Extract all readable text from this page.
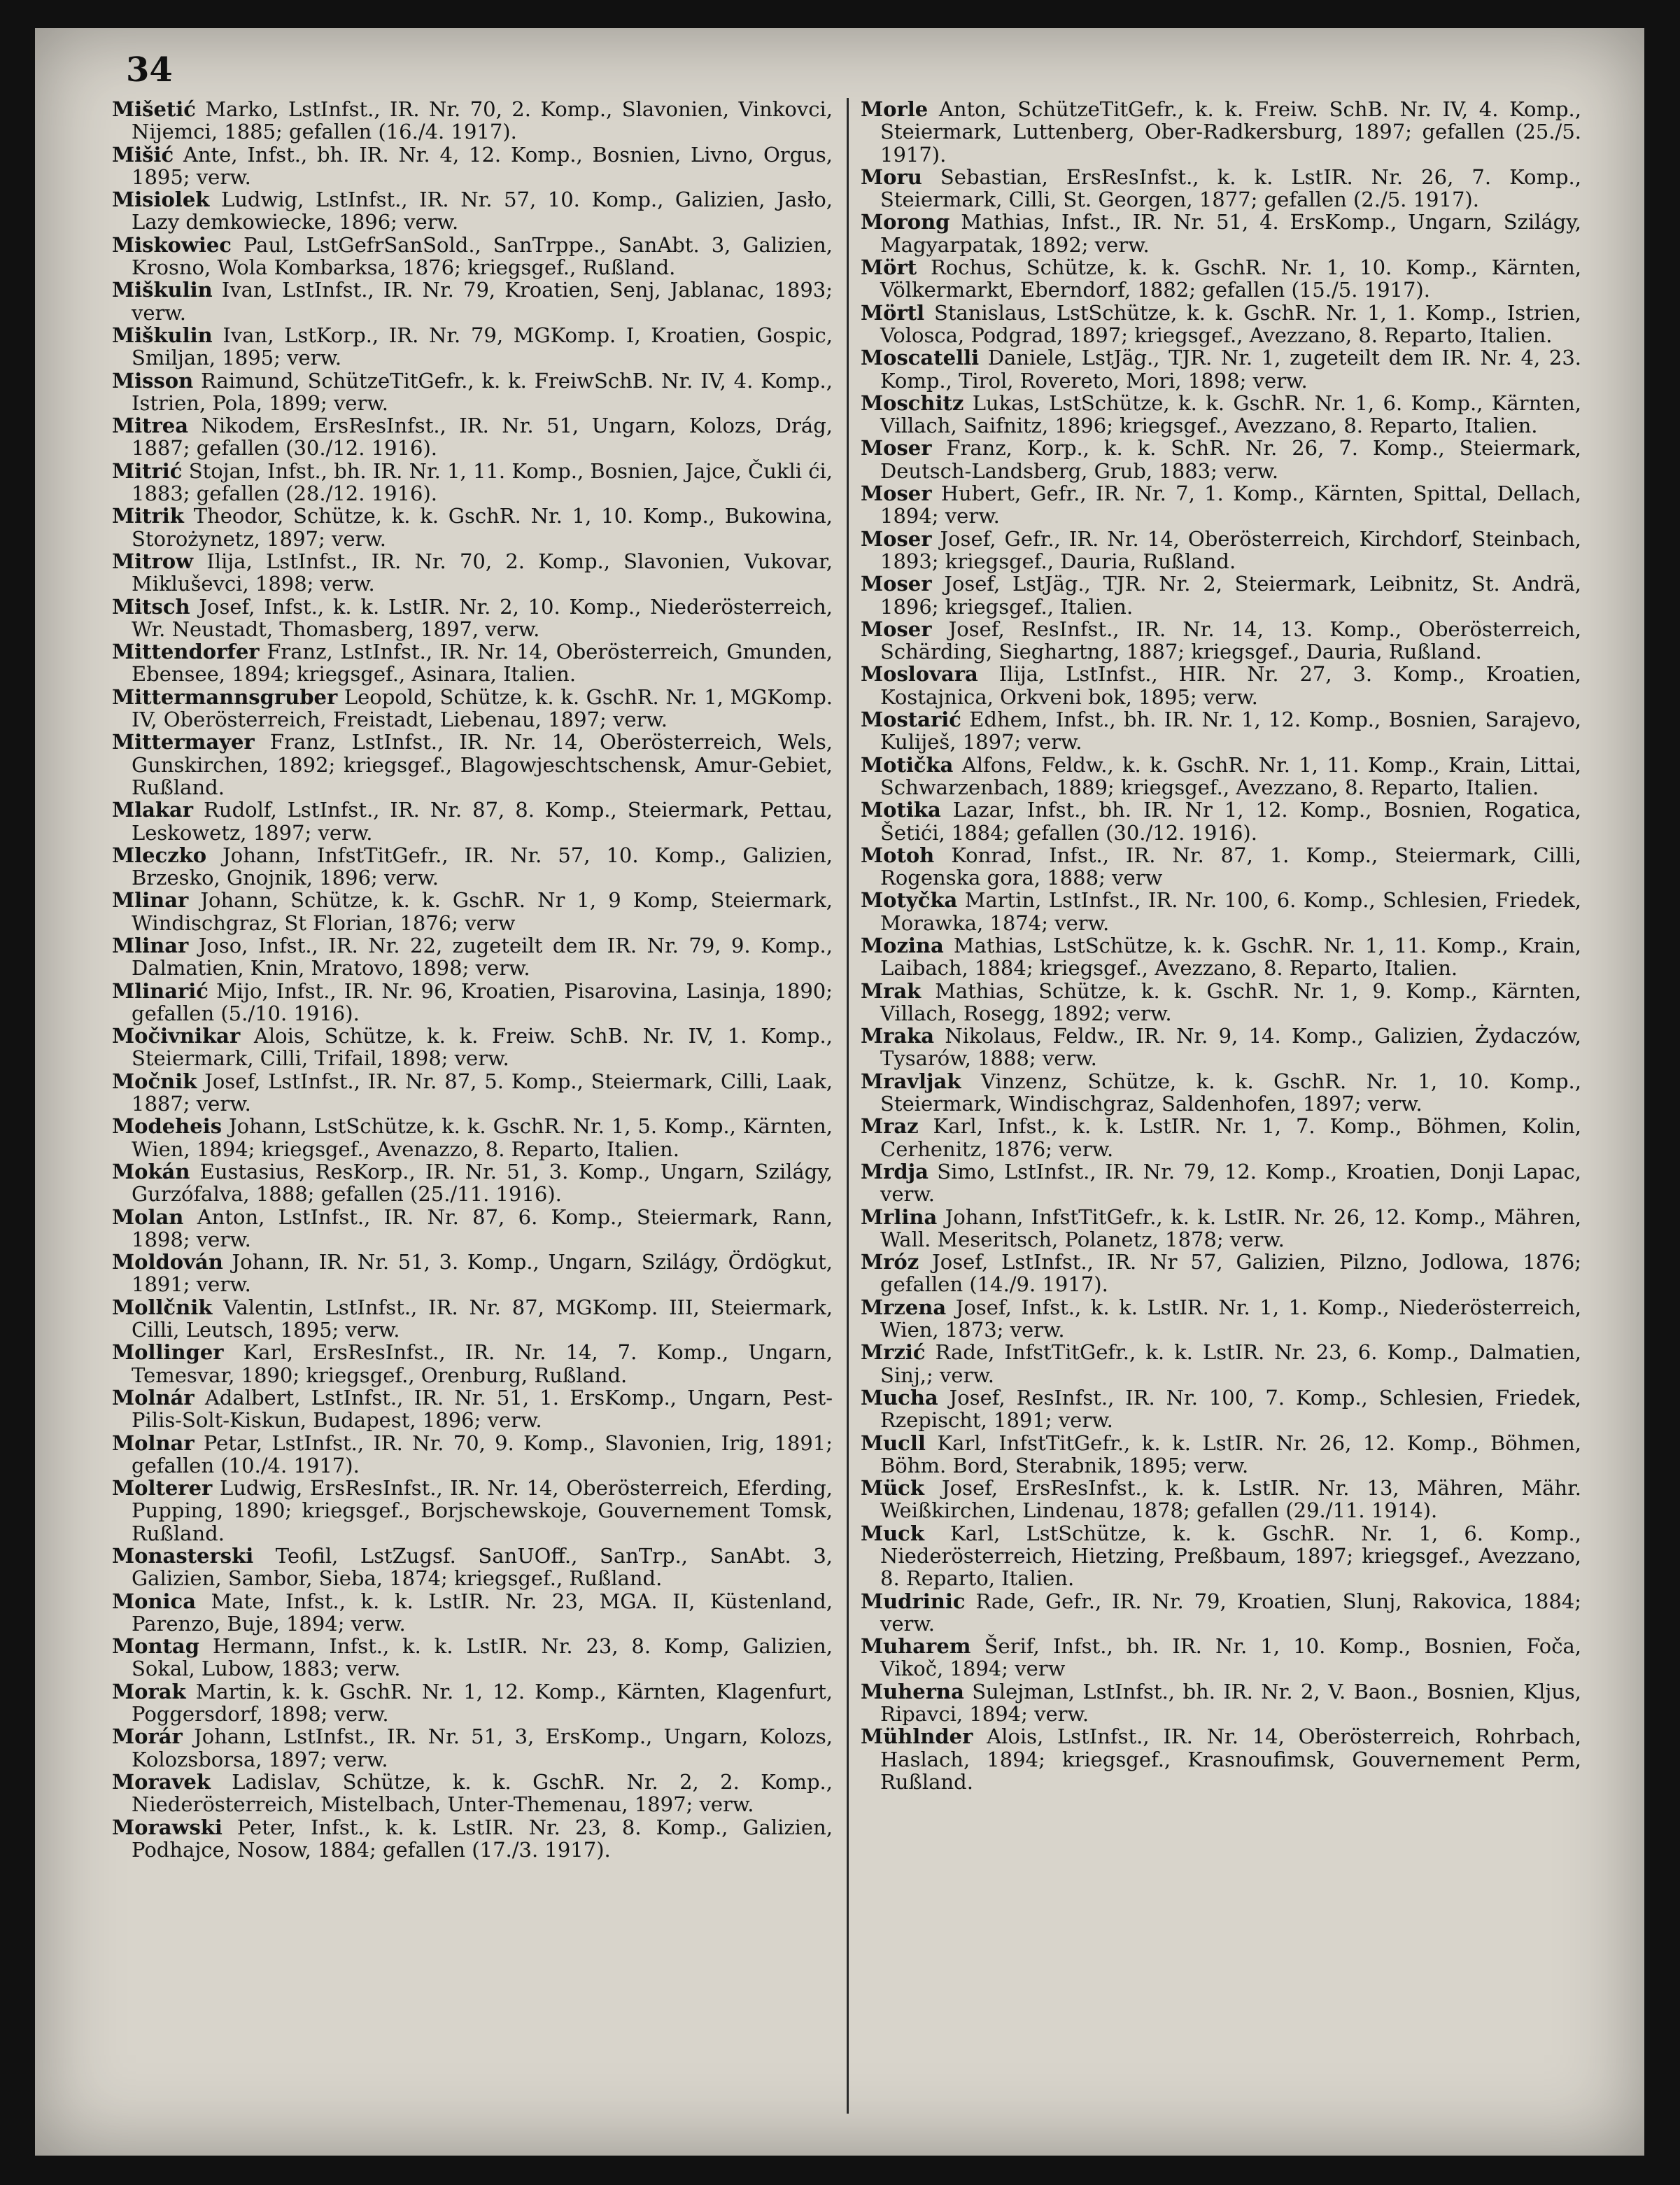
34

Mišetić Marko, LstInfst., IR. Nr. 70, 2. Komp., Slavonien, Vinkovci, Nijemci, 1885; gefallen (16./4. 1917).

Mišić Ante, Infst., bh. IR. Nr. 4, 12. Komp., Bosnien, Livno, Orgus, 1895; verw.

Misiolek Ludwig, LstInfst., IR. Nr. 57, 10. Komp., Galizien, Jasło, Lazy demkowiecke, 1896; verw.

Miskowiec Paul, LstGefrSanSold., SanTrppe., SanAbt. 3, Galizien, Krosno, Wola Kombarksa, 1876; kriegsgef., Rußland.

Miškulin Ivan, LstInfst., IR. Nr. 79, Kroatien, Senj, Jablanac, 1893; verw.

Miškulin Ivan, LstKorp., IR. Nr. 79, MGKomp. I, Kroatien, Gospic, Smiljan, 1895; verw.

Misson Raimund, SchützeTitGefr., k. k. FreiwSchB. Nr. IV, 4. Komp., Istrien, Pola, 1899; verw.

Mitrea Nikodem, ErsResInfst., IR. Nr. 51, Ungarn, Kolozs, Drág, 1887; gefallen (30./12. 1916).

Mitrić Stojan, Infst., bh. IR. Nr. 1, 11. Komp., Bosnien, Jajce, Čukli ći, 1883; gefallen (28./12. 1916).

Mitrik Theodor, Schütze, k. k. GschR. Nr. 1, 10. Komp., Bukowina, Storożynetz, 1897; verw.

Mitrow Ilija, LstInfst., IR. Nr. 70, 2. Komp., Slavonien, Vukovar, Mikluševci, 1898; verw.

Mitsch Josef, Infst., k. k. LstIR. Nr. 2, 10. Komp., Niederösterreich, Wr. Neustadt, Thomasberg, 1897, verw.

Mittendorfer Franz, LstInfst., IR. Nr. 14, Oberösterreich, Gmunden, Ebensee, 1894; kriegsgef., Asinara, Italien.

Mittermannsgruber Leopold, Schütze, k. k. GschR. Nr. 1, MGKomp. IV, Oberösterreich, Freistadt, Liebenau, 1897; verw.

Mittermayer Franz, LstInfst., IR. Nr. 14, Oberösterreich, Wels, Gunskirchen, 1892; kriegsgef., Blagowjeschtschensk, Amur-Gebiet, Rußland.

Mlakar Rudolf, LstInfst., IR. Nr. 87, 8. Komp., Steiermark, Pettau, Leskowetz, 1897; verw.

Mleczko Johann, InfstTitGefr., IR. Nr. 57, 10. Komp., Galizien, Brzesko, Gnojnik, 1896; verw.

Mlinar Johann, Schütze, k. k. GschR. Nr 1, 9 Komp, Steiermark, Windischgraz, St Florian, 1876; verw

Mlinar Joso, Infst., IR. Nr. 22, zugeteilt dem IR. Nr. 79, 9. Komp., Dalmatien, Knin, Mratovo, 1898; verw.

Mlinarić Mijo, Infst., IR. Nr. 96, Kroatien, Pisarovina, Lasinja, 1890; gefallen (5./10. 1916).

Močivnikar Alois, Schütze, k. k. Freiw. SchB. Nr. IV, 1. Komp., Steiermark, Cilli, Trifail, 1898; verw.

Močnik Josef, LstInfst., IR. Nr. 87, 5. Komp., Steiermark, Cilli, Laak, 1887; verw.

Modeheis Johann, LstSchütze, k. k. GschR. Nr. 1, 5. Komp., Kärnten, Wien, 1894; kriegsgef., Avenazzo, 8. Reparto, Italien.

Mokán Eustasius, ResKorp., IR. Nr. 51, 3. Komp., Ungarn, Szilágy, Gurzófalva, 1888; gefallen (25./11. 1916).

Molan Anton, LstInfst., IR. Nr. 87, 6. Komp., Steiermark, Rann, 1898; verw.

Moldován Johann, IR. Nr. 51, 3. Komp., Ungarn, Szilágy, Ördögkut, 1891; verw.

Mollčnik Valentin, LstInfst., IR. Nr. 87, MGKomp. III, Steiermark, Cilli, Leutsch, 1895; verw.

Mollinger Karl, ErsResInfst., IR. Nr. 14, 7. Komp., Ungarn, Temesvar, 1890; kriegsgef., Orenburg, Rußland.

Molnár Adalbert, LstInfst., IR. Nr. 51, 1. ErsKomp., Ungarn, Pest-Pilis-Solt-Kiskun, Budapest, 1896; verw.

Molnar Petar, LstInfst., IR. Nr. 70, 9. Komp., Slavonien, Irig, 1891; gefallen (10./4. 1917).

Molterer Ludwig, ErsResInfst., IR. Nr. 14, Oberösterreich, Eferding, Pupping, 1890; kriegsgef., Borjschewskoje, Gouvernement Tomsk, Rußland.

Monasterski Teofil, LstZugsf. SanUOff., SanTrp., SanAbt. 3, Galizien, Sambor, Sieba, 1874; kriegsgef., Rußland.

Monica Mate, Infst., k. k. LstIR. Nr. 23, MGA. II, Küstenland, Parenzo, Buje, 1894; verw.

Montag Hermann, Infst., k. k. LstIR. Nr. 23, 8. Komp, Galizien, Sokal, Lubow, 1883; verw.

Morak Martin, k. k. GschR. Nr. 1, 12. Komp., Kärnten, Klagenfurt, Poggersdorf, 1898; verw.

Morár Johann, LstInfst., IR. Nr. 51, 3, ErsKomp., Ungarn, Kolozs, Kolozsborsa, 1897; verw.

Moravek Ladislav, Schütze, k. k. GschR. Nr. 2, 2. Komp., Niederösterreich, Mistelbach, Unter-Themenau, 1897; verw.

Morawski Peter, Infst., k. k. LstIR. Nr. 23, 8. Komp., Galizien, Podhajce, Nosow, 1884; gefallen (17./3. 1917).

Morle Anton, SchützeTitGefr., k. k. Freiw. SchB. Nr. IV, 4. Komp., Steiermark, Luttenberg, Ober-Radkersburg, 1897; gefallen (25./5. 1917).

Moru Sebastian, ErsResInfst., k. k. LstIR. Nr. 26, 7. Komp., Steiermark, Cilli, St. Georgen, 1877; gefallen (2./5. 1917).

Morong Mathias, Infst., IR. Nr. 51, 4. ErsKomp., Ungarn, Szilágy, Magyarpatak, 1892; verw.

Mört Rochus, Schütze, k. k. GschR. Nr. 1, 10. Komp., Kärnten, Völkermarkt, Eberndorf, 1882; gefallen (15./5. 1917).

Mörtl Stanislaus, LstSchütze, k. k. GschR. Nr. 1, 1. Komp., Istrien, Volosca, Podgrad, 1897; kriegsgef., Avezzano, 8. Reparto, Italien.

Moscatelli Daniele, LstJäg., TJR. Nr. 1, zugeteilt dem IR. Nr. 4, 23. Komp., Tirol, Rovereto, Mori, 1898; verw.

Moschitz Lukas, LstSchütze, k. k. GschR. Nr. 1, 6. Komp., Kärnten, Villach, Saifnitz, 1896; kriegsgef., Avezzano, 8. Reparto, Italien.

Moser Franz, Korp., k. k. SchR. Nr. 26, 7. Komp., Steiermark, Deutsch-Landsberg, Grub, 1883; verw.

Moser Hubert, Gefr., IR. Nr. 7, 1. Komp., Kärnten, Spittal, Dellach, 1894; verw.

Moser Josef, Gefr., IR. Nr. 14, Oberösterreich, Kirchdorf, Steinbach, 1893; kriegsgef., Dauria, Rußland.

Moser Josef, LstJäg., TJR. Nr. 2, Steiermark, Leibnitz, St. Andrä, 1896; kriegsgef., Italien.

Moser Josef, ResInfst., IR. Nr. 14, 13. Komp., Oberösterreich, Schärding, Sieghartng, 1887; kriegsgef., Dauria, Rußland.

Moslovara Ilija, LstInfst., HIR. Nr. 27, 3. Komp., Kroatien, Kostajnica, Orkveni bok, 1895; verw.

Mostarić Edhem, Infst., bh. IR. Nr. 1, 12. Komp., Bosnien, Sarajevo, Kuliješ, 1897; verw.

Motička Alfons, Feldw., k. k. GschR. Nr. 1, 11. Komp., Krain, Littai, Schwarzenbach, 1889; kriegsgef., Avezzano, 8. Reparto, Italien.

Motika Lazar, Infst., bh. IR. Nr 1, 12. Komp., Bosnien, Rogatica, Šetići, 1884; gefallen (30./12. 1916).

Motoh Konrad, Infst., IR. Nr. 87, 1. Komp., Steiermark, Cilli, Rogenska gora, 1888; verw

Motyčka Martin, LstInfst., IR. Nr. 100, 6. Komp., Schlesien, Friedek, Morawka, 1874; verw.

Mozina Mathias, LstSchütze, k. k. GschR. Nr. 1, 11. Komp., Krain, Laibach, 1884; kriegsgef., Avezzano, 8. Reparto, Italien.

Mrak Mathias, Schütze, k. k. GschR. Nr. 1, 9. Komp., Kärnten, Villach, Rosegg, 1892; verw.

Mraka Nikolaus, Feldw., IR. Nr. 9, 14. Komp., Galizien, Żydaczów, Tysarów, 1888; verw.

Mravljak Vinzenz, Schütze, k. k. GschR. Nr. 1, 10. Komp., Steiermark, Windischgraz, Saldenhofen, 1897; verw.

Mraz Karl, Infst., k. k. LstIR. Nr. 1, 7. Komp., Böhmen, Kolin, Cerhenitz, 1876; verw.

Mrdja Simo, LstInfst., IR. Nr. 79, 12. Komp., Kroatien, Donji Lapac, verw.

Mrlina Johann, InfstTitGefr., k. k. LstIR. Nr. 26, 12. Komp., Mähren, Wall. Meseritsch, Polanetz, 1878; verw.

Mróz Josef, LstInfst., IR. Nr 57, Galizien, Pilzno, Jodlowa, 1876; gefallen (14./9. 1917).

Mrzena Josef, Infst., k. k. LstIR. Nr. 1, 1. Komp., Niederösterreich, Wien, 1873; verw.

Mrzić Rade, InfstTitGefr., k. k. LstIR. Nr. 23, 6. Komp., Dalmatien, Sinj,; verw.

Mucha Josef, ResInfst., IR. Nr. 100, 7. Komp., Schlesien, Friedek, Rzepischt, 1891; verw.

Mucll Karl, InfstTitGefr., k. k. LstIR. Nr. 26, 12. Komp., Böhmen, Böhm. Bord, Sterabnik, 1895; verw.

Mück Josef, ErsResInfst., k. k. LstIR. Nr. 13, Mähren, Mähr. Weißkirchen, Lindenau, 1878; gefallen (29./11. 1914).

Muck Karl, LstSchütze, k. k. GschR. Nr. 1, 6. Komp., Niederösterreich, Hietzing, Preßbaum, 1897; kriegsgef., Avezzano, 8. Reparto, Italien.

Mudrinic Rade, Gefr., IR. Nr. 79, Kroatien, Slunj, Rakovica, 1884; verw.

Muharem Šerif, Infst., bh. IR. Nr. 1, 10. Komp., Bosnien, Foča, Vikoč, 1894; verw

Muherna Sulejman, LstInfst., bh. IR. Nr. 2, V. Baon., Bosnien, Kljus, Ripavci, 1894; verw.

Mühlnder Alois, LstInfst., IR. Nr. 14, Oberösterreich, Rohrbach, Haslach, 1894; kriegsgef., Krasnoufimsk, Gouvernement Perm, Rußland.
